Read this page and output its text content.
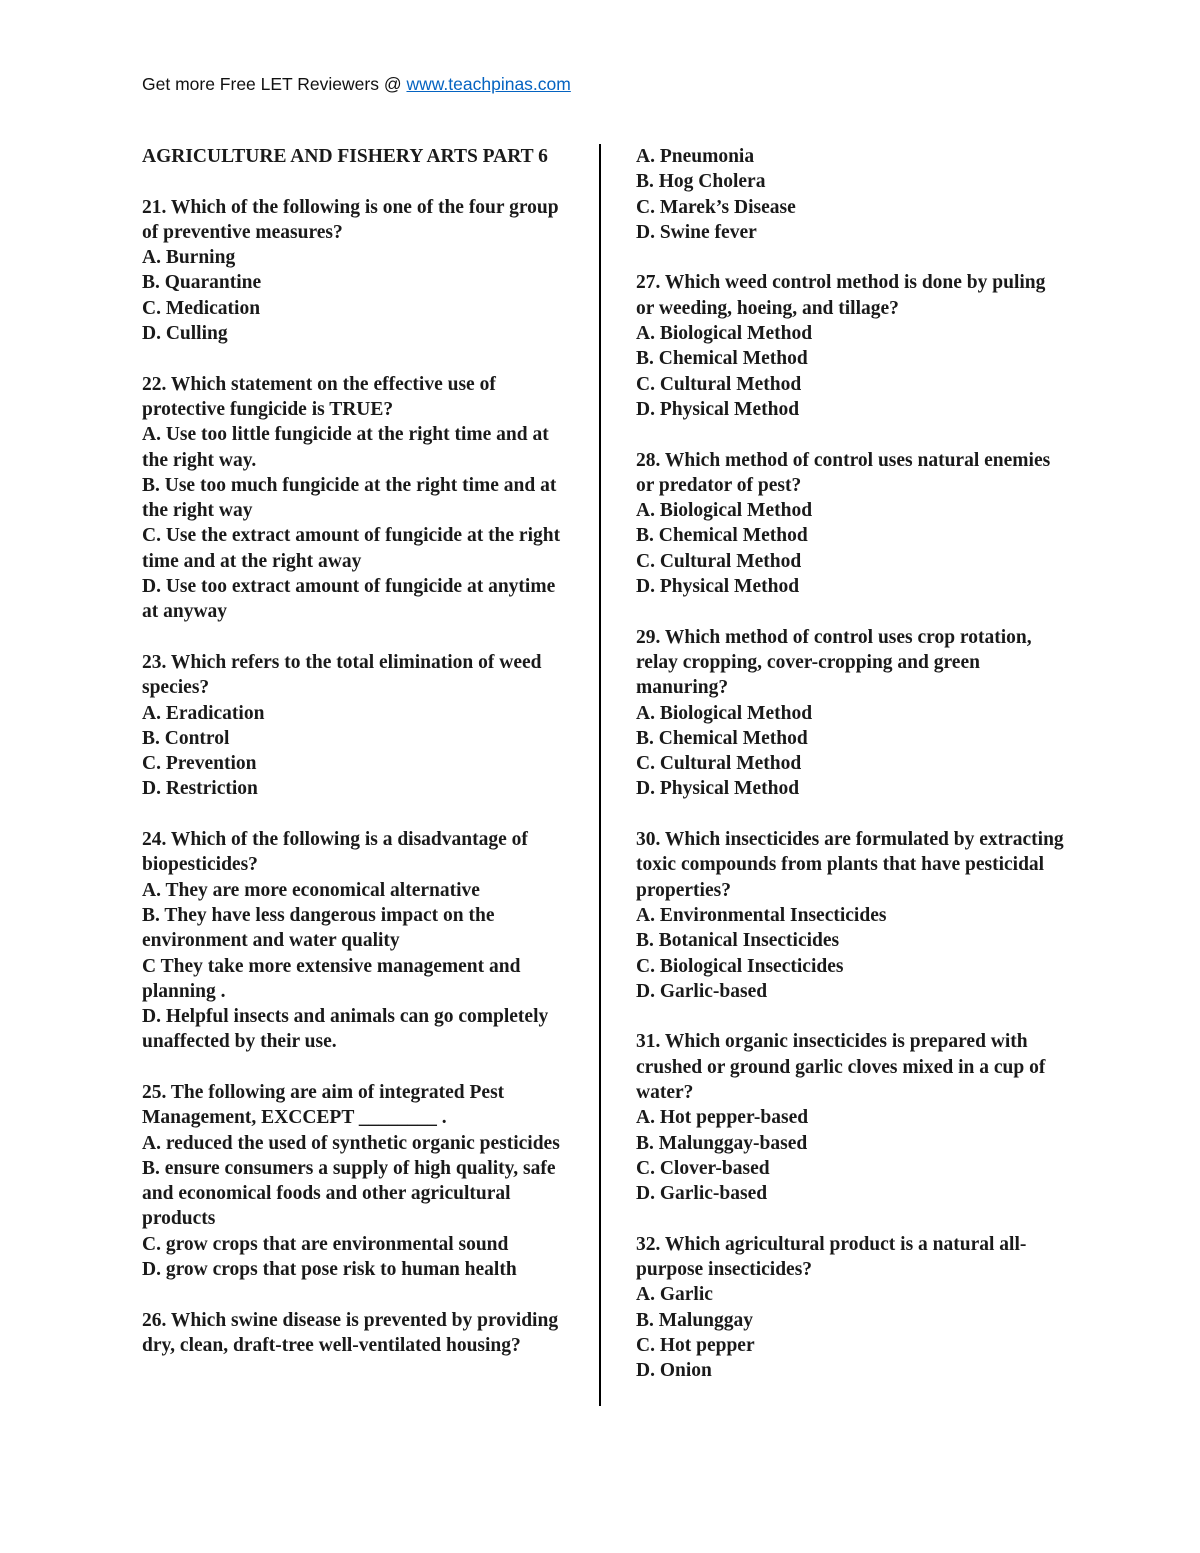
Get more Free LET Reviewers @ www.teachpinas.com
AGRICULTURE AND FISHERY ARTS PART 6
21. Which of the following is one of the four group of preventive measures?
A. Burning
B. Quarantine
C. Medication
D. Culling
22. Which statement on the effective use of protective fungicide is TRUE?
A. Use too little fungicide at the right time and at the right way.
B. Use too much fungicide at the right time and at the right way
C. Use the extract amount of fungicide at the right time and at the right away
D. Use too extract amount of fungicide at anytime at anyway
23. Which refers to the total elimination of weed species?
A. Eradication
B. Control
C. Prevention
D. Restriction
24. Which of the following is a disadvantage of biopesticides?
A. They are more economical alternative
B. They have less dangerous impact on the environment and water quality
C They take more extensive management and planning .
D. Helpful insects and animals can go completely unaffected by their use.
25. The following are aim of integrated Pest Management, EXCCEPT ________ .
A. reduced the used of synthetic organic pesticides
B. ensure consumers a supply of high quality, safe and economical foods and other agricultural products
C. grow crops that are environmental sound
D. grow crops that pose risk to human health
26. Which swine disease is prevented by providing dry, clean, draft-tree well-ventilated housing?
A. Pneumonia
B. Hog Cholera
C. Marek’s Disease
D. Swine fever
27. Which weed control method is done by puling or weeding, hoeing, and tillage?
A. Biological Method
B. Chemical Method
C. Cultural Method
D. Physical Method
28. Which method of control uses natural enemies or predator of pest?
A. Biological Method
B. Chemical Method
C. Cultural Method
D. Physical Method
29. Which method of control uses crop rotation, relay cropping, cover-cropping and green manuring?
A. Biological Method
B. Chemical Method
C. Cultural Method
D. Physical Method
30. Which insecticides are formulated by extracting toxic compounds from plants that have pesticidal properties?
A. Environmental Insecticides
B. Botanical Insecticides
C. Biological Insecticides
D. Garlic-based
31. Which organic insecticides is prepared with crushed or ground garlic cloves mixed in a cup of water?
A. Hot pepper-based
B. Malunggay-based
C. Clover-based
D. Garlic-based
32. Which agricultural product is a natural all-purpose insecticides?
A. Garlic
B. Malunggay
C. Hot pepper
D. Onion
